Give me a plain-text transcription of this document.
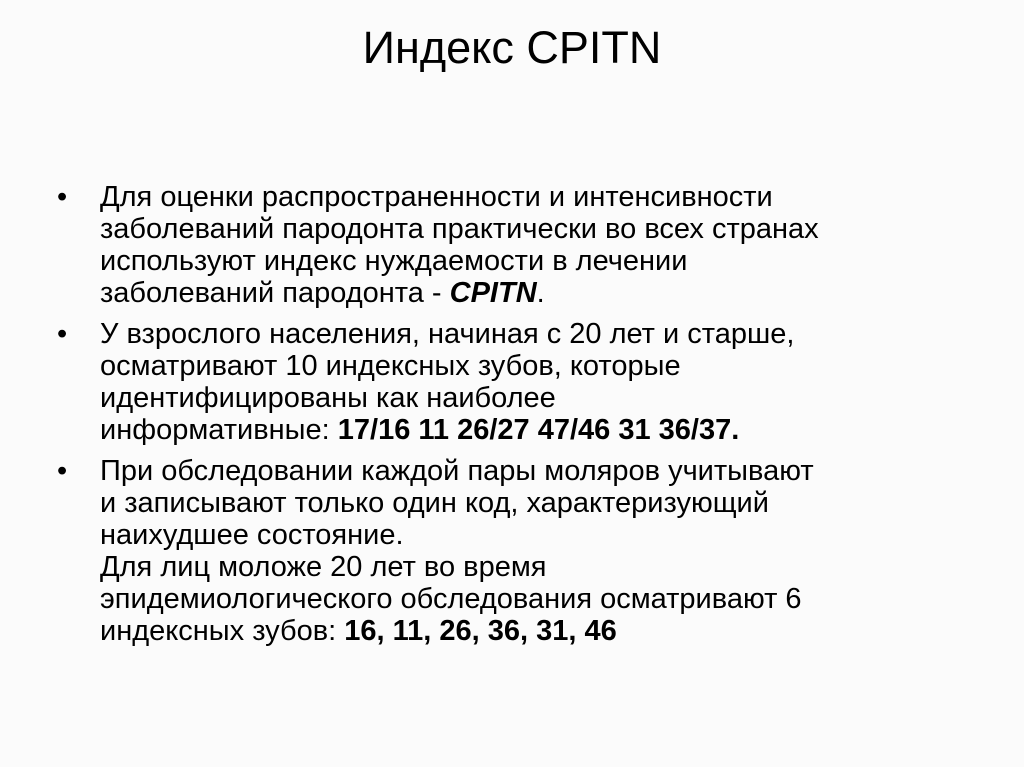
Индекс CPITN
•	Для оценки распространенности и интенсивности
заболеваний пародонта практически во всех странах
используют индекс нуждаемости в лечении
заболеваний пародонта - CPITN.
•	У взрослого населения, начиная с 20 лет и старше,
осматривают 10 индексных зубов, которые
идентифицированы как наиболее
информативные: 17/16 11 26/27 47/46 31 36/37.
•	При обследовании каждой пары моляров учитывают
и записывают только один код, характеризующий
наихудшее состояние.
Для лиц моложе 20 лет во время
эпидемиологического обследования осматривают 6
индексных зубов: 16, 11, 26, 36, 31, 46
